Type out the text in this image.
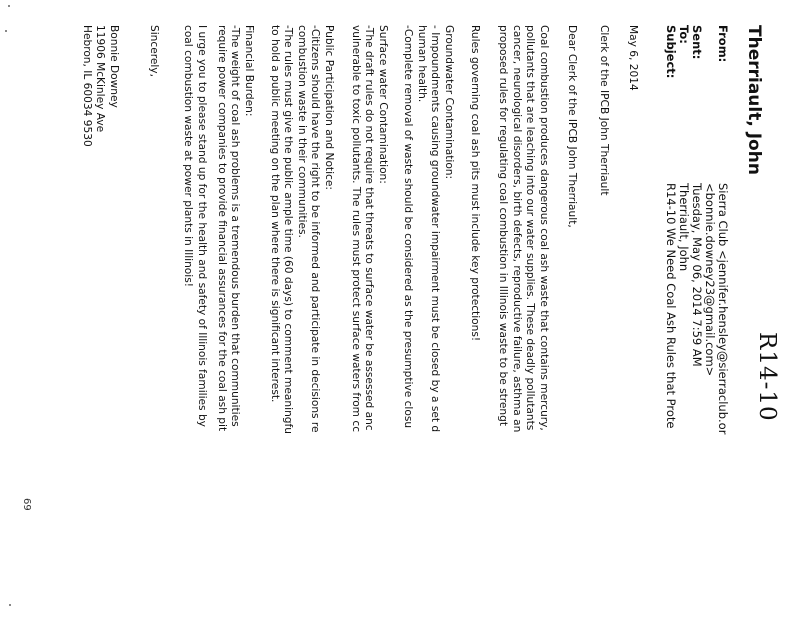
Therriault, John
R14-10
From:
Sierra Club <jennifer.hensley@sierraclub.or
<bonnie.downey23@gmail.com>
Sent:
Tuesday, May 06, 2014 7:59 AM
To:
Therriault, John
Subject:
R14-10 We Need Coal Ash Rules that Prote
May 6, 2014
Clerk of the IPCB John Therriault
Dear Clerk of the IPCB John Therriault,
Coal combustion produces dangerous coal ash waste that contains mercury,
pollutants that are leaching into our water supplies. These deadly pollutants
cancer, neurological disorders, birth defects, reproductive failure, asthma an
proposed rules for regulating coal combustion in Illinois waste to be strengt
Rules governing coal ash pits must include key protections!
Groundwater Contamination:
- Impoundments causing groundwater impairment must be closed by a set d
human health.
-Complete removal of waste should be considered as the presumptive closu
Surface water Contamination:
-The draft rules do not require that threats to surface water be assessed anc
vulnerable to toxic pollutants. The rules must protect surface waters from cc
Public Participation and Notice:
-Citizens should have the right to be informed and participate in decisions re
combustion waste in their communities.
-The rules must give the public ample time (60 days) to comment meaningfu
to hold a public meeting on the plan where there is significant interest.
Financial Burden:
-The weight of coal ash problems is a tremendous burden that communities
require power companies to provide financial assurances for the coal ash pit
I urge you to please stand up for the health and safety of Illinois families by
coal combustion waste at power plants in Illinois!
Sincerely,
Bonnie Downey
11906 McKinley Ave
Hebron, IL 60034 9530
69
